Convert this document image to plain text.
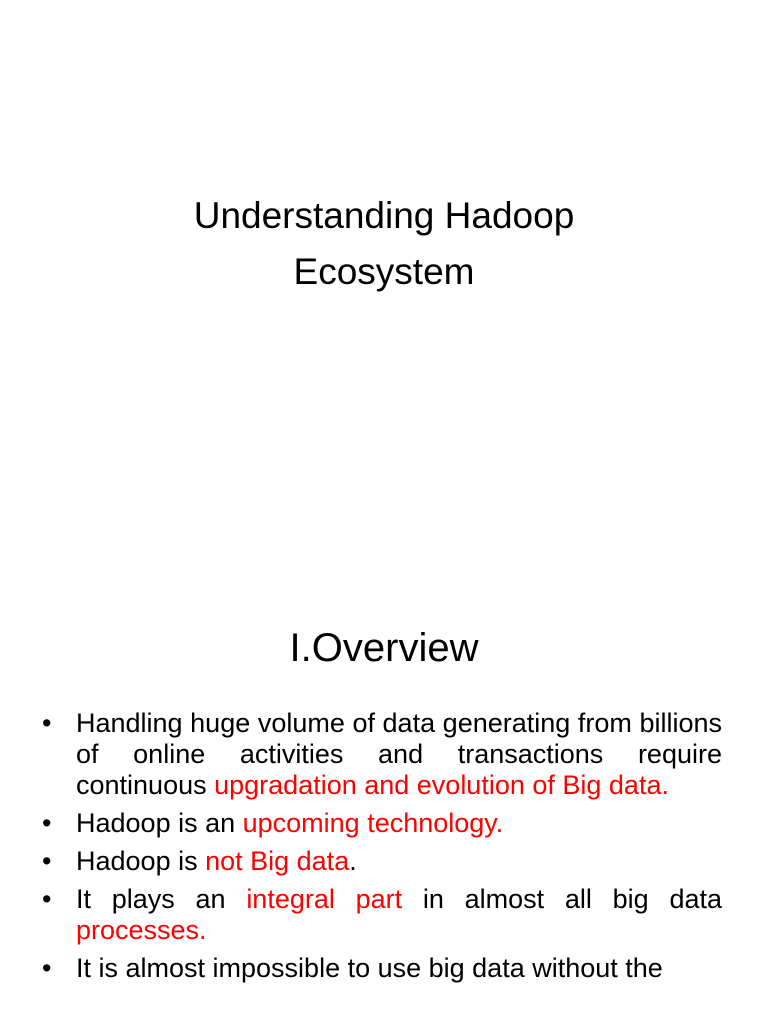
Understanding Hadoop
Ecosystem
I.Overview
• Handling huge volume of data generating from billions of online activities and transactions require continuous upgradation and evolution of Big data.
• Hadoop is an upcoming technology.
• Hadoop is not Big data.
• It plays an integral part in almost all big data processes.
• It is almost impossible to use big data without the
